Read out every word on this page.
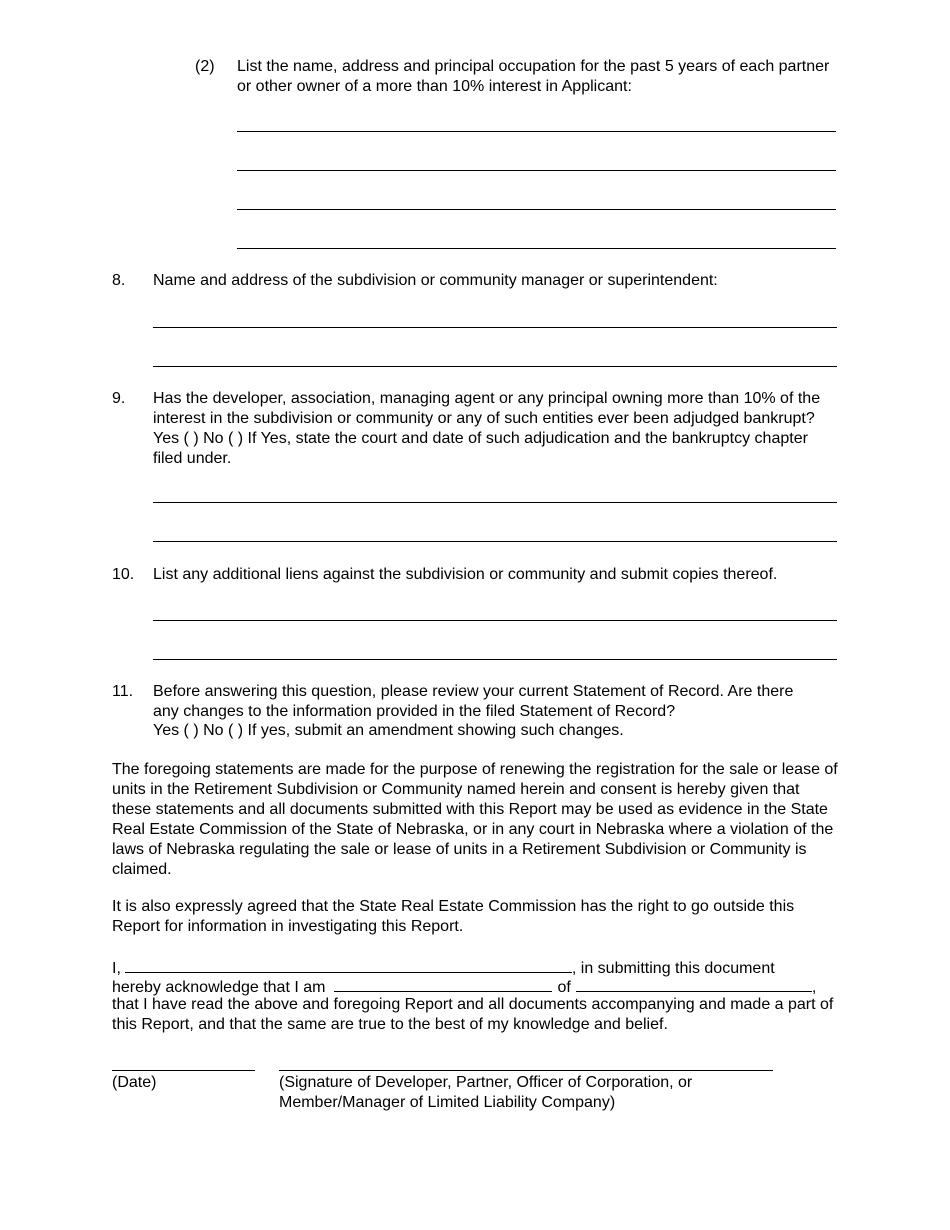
(2) List the name, address and principal occupation for the past 5 years of each partner or other owner of a more than 10% interest in Applicant:

8. Name and address of the subdivision or community manager or superintendent:

9. Has the developer, association, managing agent or any principal owning more than 10% of the interest in the subdivision or community or any of such entities ever been adjudged bankrupt? Yes ( ) No ( ) If Yes, state the court and date of such adjudication and the bankruptcy chapter filed under.

10. List any additional liens against the subdivision or community and submit copies thereof.

11. Before answering this question, please review your current Statement of Record. Are there any changes to the information provided in the filed Statement of Record?

Yes ( ) No ( ) If yes, submit an amendment showing such changes.

The foregoing statements are made for the purpose of renewing the registration for the sale or lease of units in the Retirement Subdivision or Community named herein and consent is hereby given that these statements and all documents submitted with this Report may be used as evidence in the State Real Estate Commission of the State of Nebraska, or in any court in Nebraska where a violation of the laws of Nebraska regulating the sale or lease of units in a Retirement Subdivision or Community is claimed.

It is also expressly agreed that the State Real Estate Commission has the right to go outside this Report for information in investigating this Report.

I,	, in submitting this document
hereby acknowledge that I am	of	,

that I have read the above and foregoing Report and all documents accompanying and made a part of this Report, and that the same are true to the best of my knowledge and belief.

(Date)	(Signature of Developer, Partner, Officer of Corporation, or
Member/Manager of Limited Liability Company)
